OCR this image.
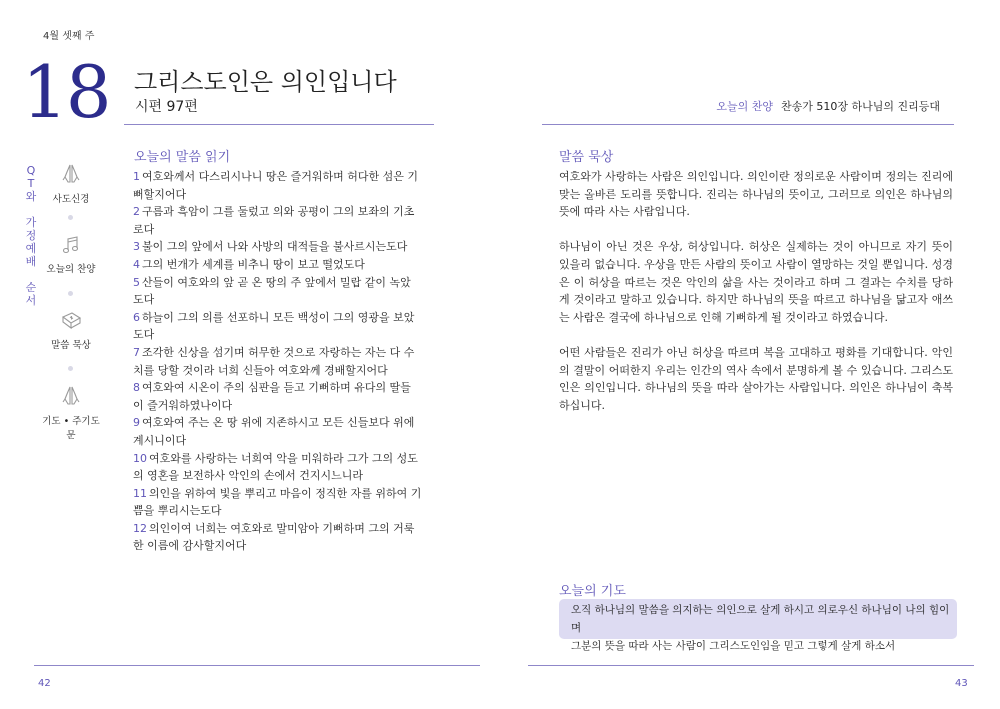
4월 셋째 주
18 그리스도인은 의인입니다
시편 97편
Q
T
와

가
정
예
배

순
서
사도신경
오늘의 찬양
말씀 묵상
기도 • 주기도문
오늘의 말씀 읽기
1 여호와께서 다스리시나니 땅은 즐거워하며 허다한 섬은 기
뻐할지어다
2 구름과 흑암이 그를 둘렀고 의와 공평이 그의 보좌의 기초
로다
3 불이 그의 앞에서 나와 사방의 대적들을 불사르시는도다
4 그의 번개가 세계를 비추니 땅이 보고 떨었도다
5 산들이 여호와의 앞 곧 온 땅의 주 앞에서 밀랍 같이 녹았
도다
6 하늘이 그의 의를 선포하니 모든 백성이 그의 영광을 보았
도다
7 조각한 신상을 섬기며 허무한 것으로 자랑하는 자는 다 수
치를 당할 것이라 너희 신들아 여호와께 경배할지어다
8 여호와여 시온이 주의 심판을 듣고 기뻐하며 유다의 딸들
이 즐거워하였나이다
9 여호와여 주는 온 땅 위에 지존하시고 모든 신들보다 위에
계시니이다
10 여호와를 사랑하는 너희여 악을 미워하라 그가 그의 성도
의 영혼을 보전하사 악인의 손에서 건지시느니라
11 의인을 위하여 빛을 뿌리고 마음이 정직한 자를 위하여 기
쁨을 뿌리시는도다
12 의인이여 너희는 여호와로 말미암아 기뻐하며 그의 거룩
한 이름에 감사할지어다
42
오늘의 찬양 찬송가 510장 하나님의 진리등대
말씀 묵상

여호와가 사랑하는 사람은 의인입니다. 의인이란 정의로운 사람이며 정의는 진리에 맞는 올바른 도리를 뜻합니다. 진리는 하나님의 뜻이고, 그러므로 의인은 하나님의 뜻에 따라 사는 사람입니다.

하나님이 아닌 것은 우상, 허상입니다. 허상은 실제하는 것이 아니므로 자기 뜻이 있을리 없습니다. 우상을 만든 사람의 뜻이고 사람이 열망하는 것일 뿐입니다. 성경은 이 허상을 따르는 것은 악인의 삶을 사는 것이라고 하며 그 결과는 수치를 당하게 것이라고 말하고 있습니다. 하지만 하나님의 뜻을 따르고 하나님을 닮고자 애쓰는 사람은 결국에 하나님으로 인해 기뻐하게 될 것이라고 하였습니다.

어떤 사람들은 진리가 아닌 허상을 따르며 복을 고대하고 평화를 기대합니다. 악인의 결말이 어떠한지 우리는 인간의 역사 속에서 분명하게 볼 수 있습니다. 그리스도인은 의인입니다. 하나님의 뜻을 따라 살아가는 사람입니다. 의인은 하나님이 축복하십니다.

오늘의 기도
오직 하나님의 말씀을 의지하는 의인으로 살게 하시고 의로우신 하나님이 나의 힘이며
그분의 뜻을 따라 사는 사람이 그리스도인임을 믿고 그렇게 살게 하소서
43
